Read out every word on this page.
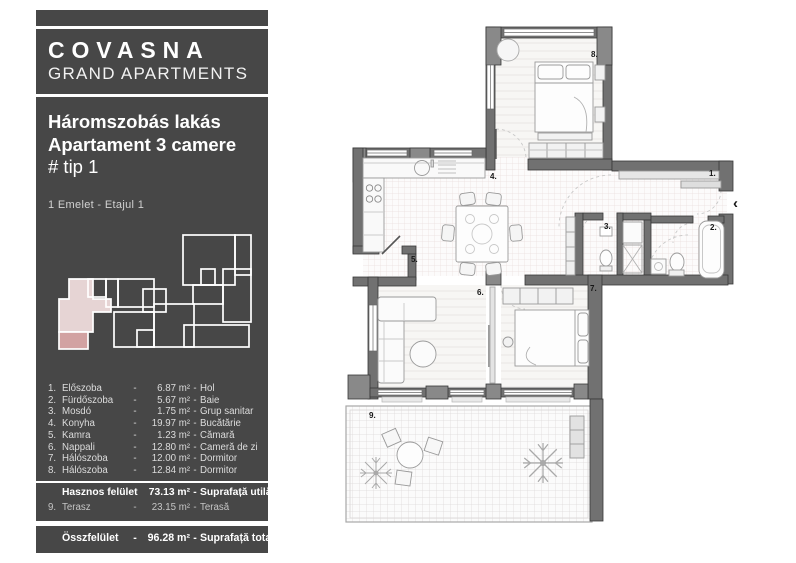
COVASNA
GRAND APARTMENTS
Háromszobás lakás
Apartament 3 camere
# tip 1
1 Emelet - Etajul 1
1. Előszoba	-	6.87 m² - Hol
2. Fürdőszoba	-	5.67 m² - Baie
3. Mosdó	-	1.75 m² - Grup sanitar
4. Konyha	-	19.97 m² - Bucătărie
5. Kamra	-	1.23 m² - Cămară
6. Nappali	-	12.80 m² - Cameră de zi
7. Hálószoba	-	12.00 m² - Dormitor
8. Hálószoba	-	12.84 m² - Dormitor
Hasznos felület	73.13 m² - Suprafață utilă
9. Terasz	-	23.15 m² - Terasă
Összfelület	-	96.28 m² - Suprafață totală
1.
2.
3.
4.
5.
6.	7.
8.
9.
‹
